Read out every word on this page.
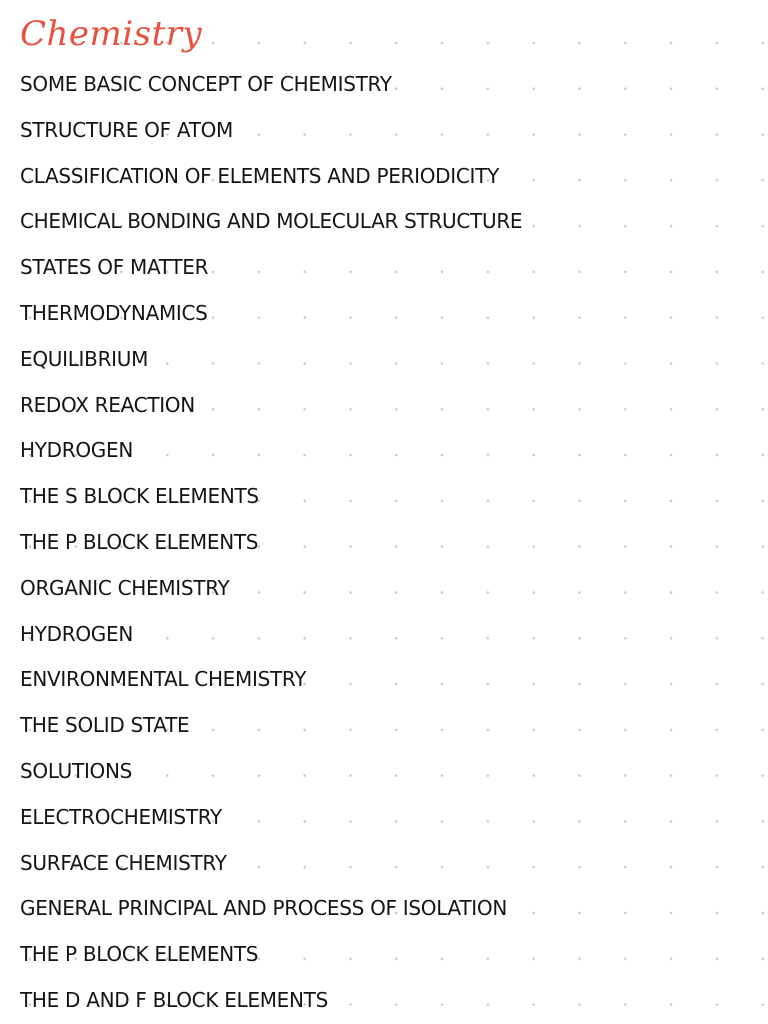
Chemistry
SOME BASIC CONCEPT OF CHEMISTRY
STRUCTURE OF ATOM
CLASSIFICATION OF ELEMENTS AND PERIODICITY
CHEMICAL BONDING AND MOLECULAR STRUCTURE
STATES OF MATTER
THERMODYNAMICS
EQUILIBRIUM
REDOX REACTION
HYDROGEN
THE S BLOCK ELEMENTS
THE P BLOCK ELEMENTS
ORGANIC CHEMISTRY
HYDROGEN
ENVIRONMENTAL CHEMISTRY
THE SOLID STATE
SOLUTIONS
ELECTROCHEMISTRY
SURFACE CHEMISTRY
GENERAL PRINCIPAL AND PROCESS OF ISOLATION
THE P BLOCK ELEMENTS
THE D AND F BLOCK ELEMENTS
